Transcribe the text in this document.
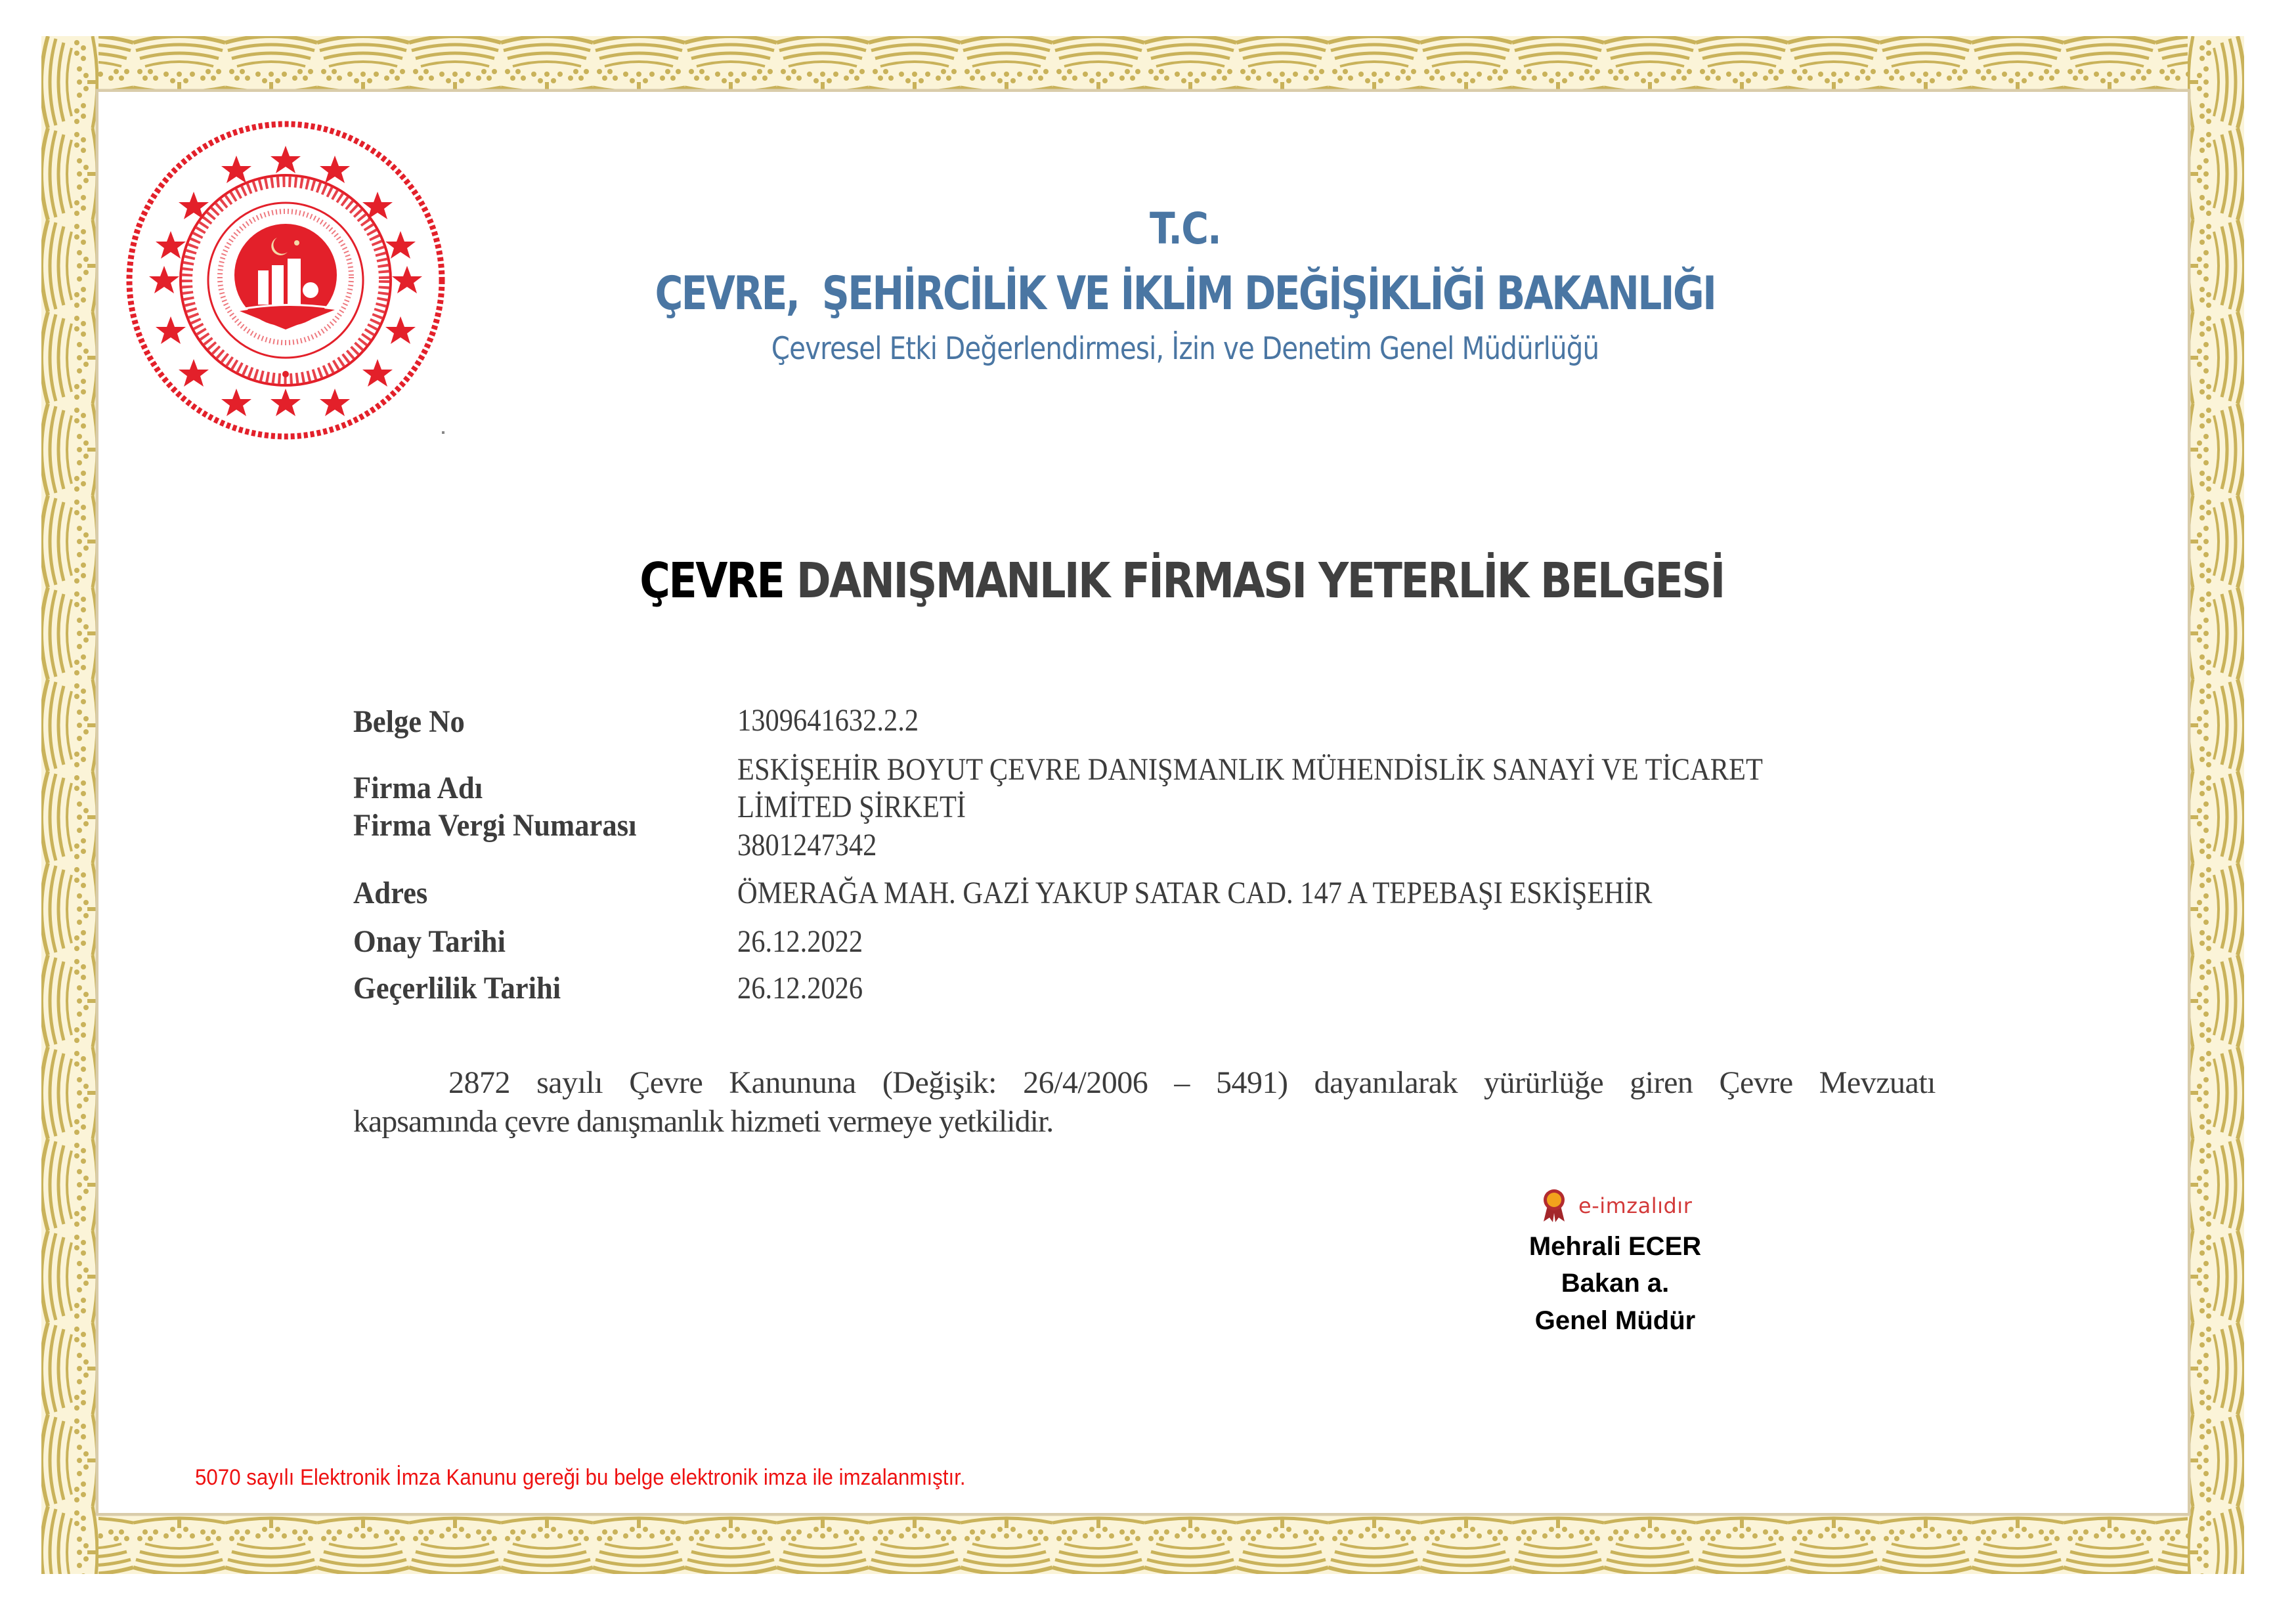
T.C.
ÇEVRE,  ŞEHİRCİLİK VE İKLİM DEĞİŞİKLİĞİ BAKANLIĞI
Çevresel Etki Değerlendirmesi, İzin ve Denetim Genel Müdürlüğü
ÇEVRE DANIŞMANLIK FİRMASI YETERLİK BELGESİ
Belge No
Firma Adı
Firma Vergi Numarası
Adres
Onay Tarihi
Geçerlilik Tarihi
1309641632.2.2
ESKİŞEHİR BOYUT ÇEVRE DANIŞMANLIK MÜHENDİSLİK SANAYİ VE TİCARET
LİMİTED ŞİRKETİ
3801247342
ÖMERAĞA MAH. GAZİ YAKUP SATAR CAD. 147 A TEPEBAŞI ESKİŞEHİR
26.12.2022
26.12.2026
2872 sayılı Çevre Kanununa (Değişik: 26/4/2006 – 5491) dayanılarak yürürlüğe giren Çevre Mevzuatı
kapsamında çevre danışmanlık hizmeti vermeye yetkilidir.
e-imzalıdır
Mehrali ECER
Bakan a.
Genel Müdür
5070 sayılı Elektronik İmza Kanunu gereği bu belge elektronik imza ile imzalanmıştır.
